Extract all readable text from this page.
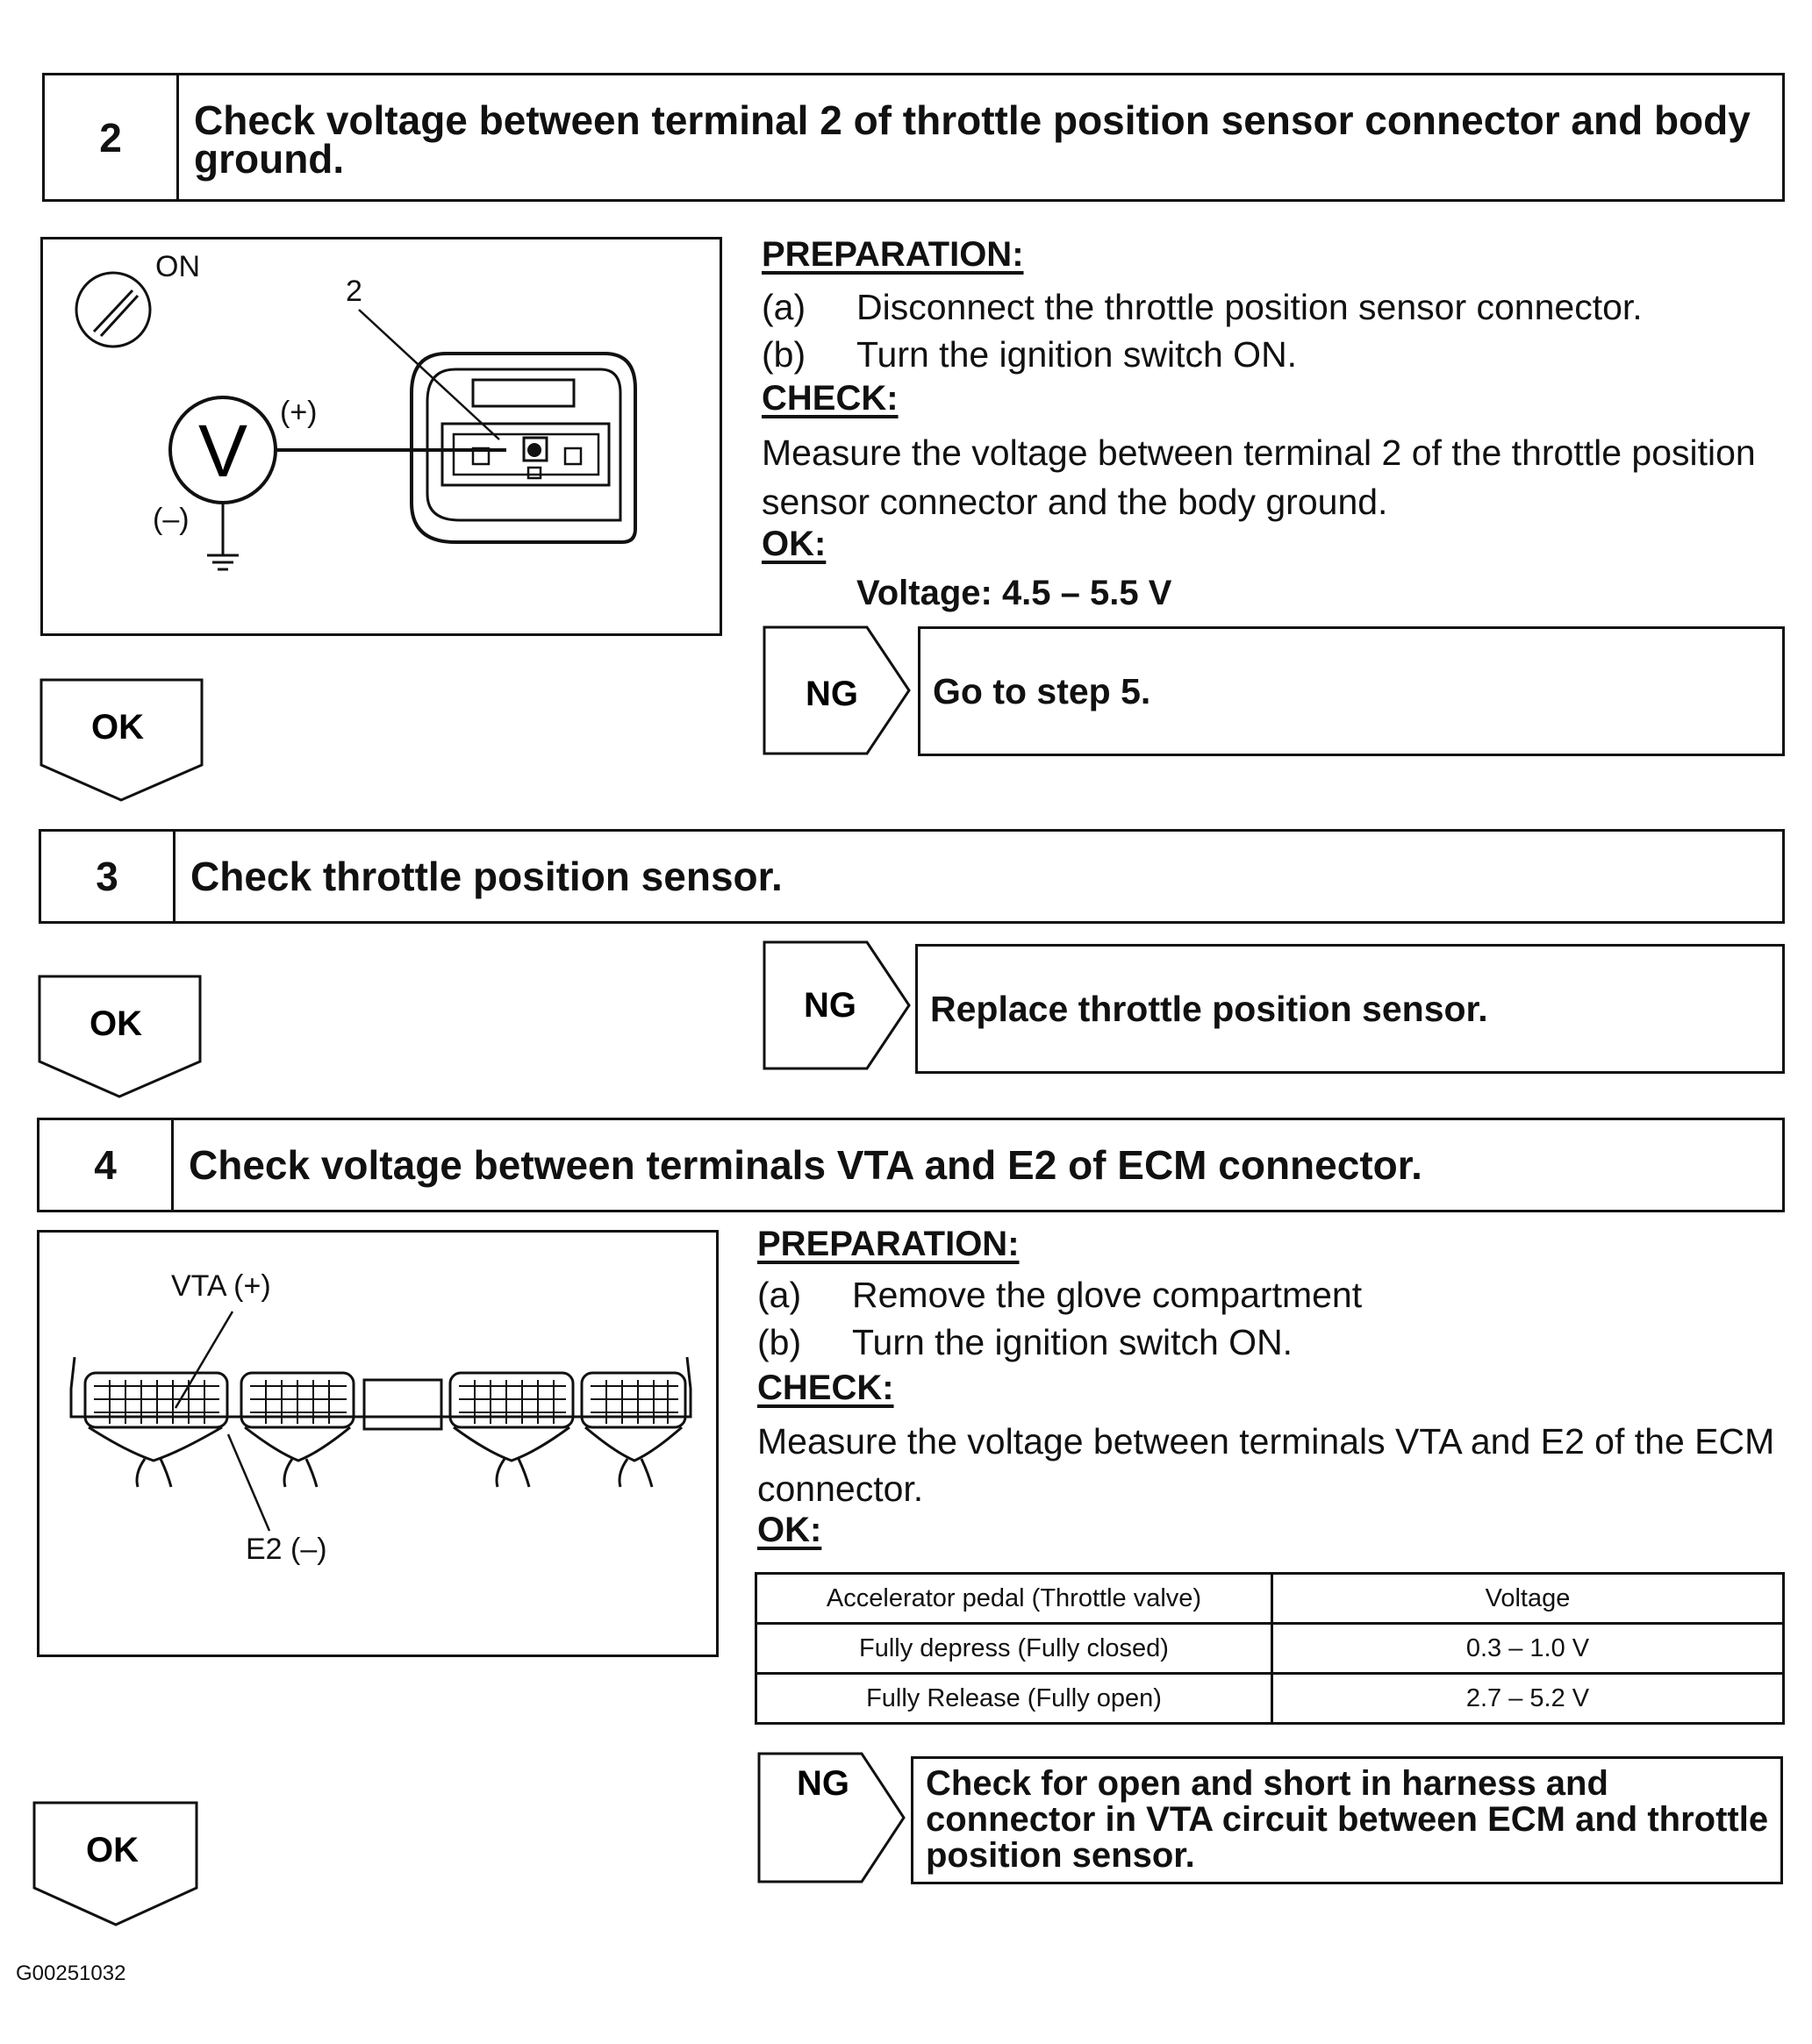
2	Check voltage between terminal 2 of throttle position sensor connector and body ground.
ON
2
V (+)
(–)
PREPARATION:
(a) Disconnect the throttle position sensor connector.
(b) Turn the ignition switch ON.
CHECK:
Measure the voltage between terminal 2 of the throttle position sensor connector and the body ground.
OK:
Voltage: 4.5 – 5.5 V
NG	Go to step 5.
OK
3	Check throttle position sensor.
NG	Replace throttle position sensor.
OK
4	Check voltage between terminals VTA and E2 of ECM connector.
VTA (+)
E2 (–)
PREPARATION:
(a) Remove the glove compartment
(b) Turn the ignition switch ON.
CHECK:
Measure the voltage between terminals VTA and E2 of the ECM connector.
OK:
Accelerator pedal (Throttle valve)	Voltage
Fully depress (Fully closed)	0.3 – 1.0 V
Fully Release (Fully open)	2.7 – 5.2 V
NG	Check for open and short in harness and connector in VTA circuit between ECM and throttle position sensor.
OK
G00251032
